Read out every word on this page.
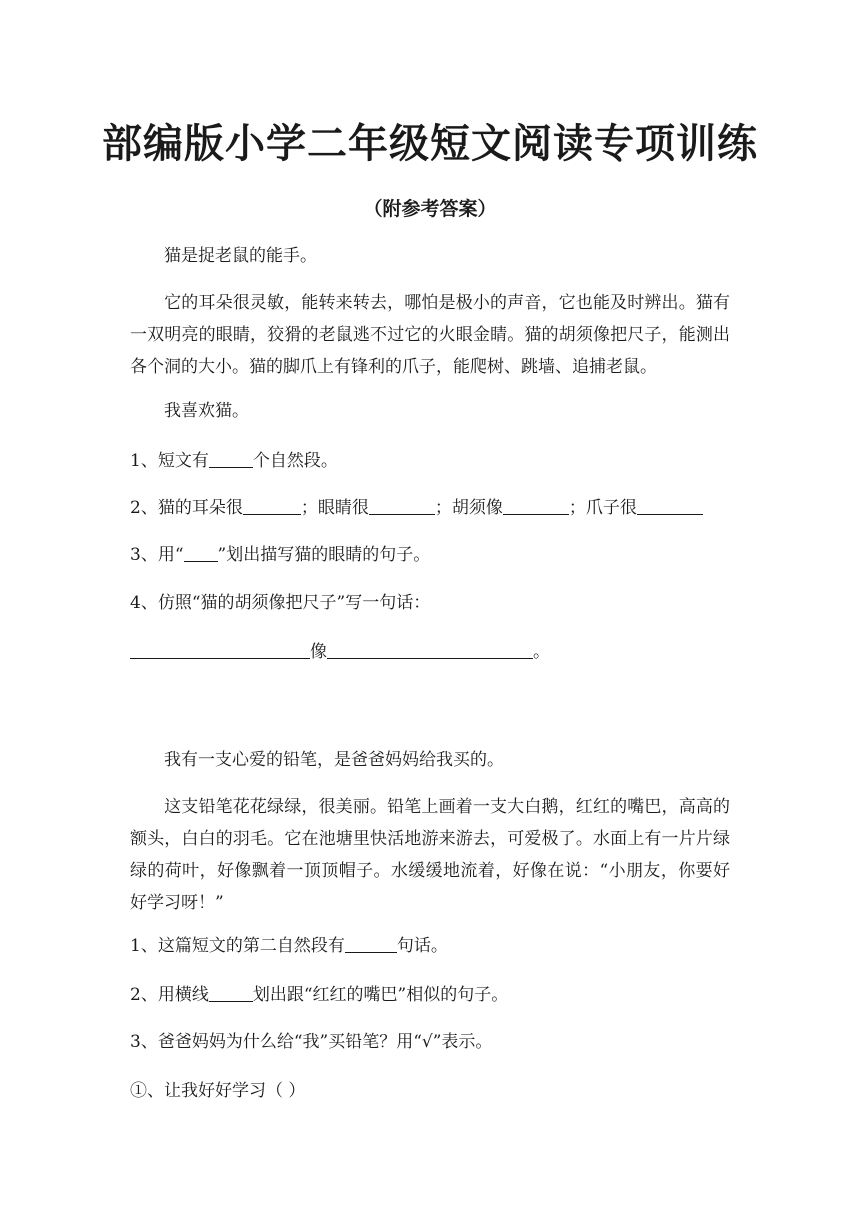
部编版小学二年级短文阅读专项训练
（附参考答案）
猫是捉老鼠的能手。
它的耳朵很灵敏，能转来转去，哪怕是极小的声音，它也能及时辨出。猫有一双明亮的眼睛，狡猾的老鼠逃不过它的火眼金睛。猫的胡须像把尺子，能测出各个洞的大小。猫的脚爪上有锋利的爪子，能爬树、跳墙、追捕老鼠。
我喜欢猫。
1、短文有	个自然段。
2、猫的耳朵很	；眼睛很	；胡须像	；爪子很
3、用“ ”划出描写猫的眼睛的句子。
4、仿照“猫的胡须像把尺子”写一句话：
像	。
我有一支心爱的铅笔，是爸爸妈妈给我买的。
这支铅笔花花绿绿，很美丽。铅笔上画着一支大白鹅，红红的嘴巴，高高的额头，白白的羽毛。它在池塘里快活地游来游去，可爱极了。水面上有一片片绿绿的荷叶，好像飘着一顶顶帽子。水缓缓地流着，好像在说：“小朋友，你要好好学习呀！”
1、这篇短文的第二自然段有	句话。
2、用横线	划出跟“红红的嘴巴”相似的句子。
3、爸爸妈妈为什么给“我”买铅笔？用“√”表示。
①、让我好好学习（ ）
